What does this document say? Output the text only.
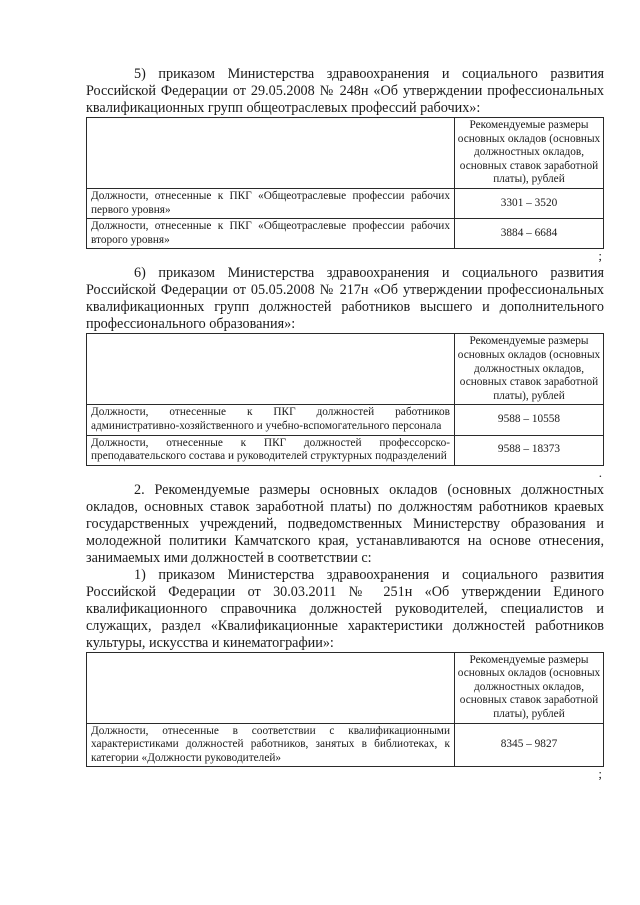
5) приказом Министерства здравоохранения и социального развития Российской Федерации от 29.05.2008 № 248н «Об утверждении профессиональных квалификационных групп общеотраслевых профессий рабочих»:

	Рекомендуемые размеры основных окладов (основных должностных окладов, основных ставок заработной платы), рублей
Должности, отнесенные к ПКГ «Общеотраслевые профессии рабочих первого уровня»	3301 – 3520
Должности, отнесенные к ПКГ «Общеотраслевые профессии рабочих второго уровня»	3884 – 6684
;

6) приказом Министерства здравоохранения и социального развития Российской Федерации от 05.05.2008 № 217н «Об утверждении профессиональных квалификационных групп должностей работников высшего и дополнительного профессионального образования»:

	Рекомендуемые размеры основных окладов (основных должностных окладов, основных ставок заработной платы), рублей
Должности, отнесенные к ПКГ должностей работников административно-хозяйственного и учебно-вспомогательного персонала	9588 – 10558
Должности, отнесенные к ПКГ должностей профессорско-преподавательского состава и руководителей структурных подразделений	9588 – 18373
.

2. Рекомендуемые размеры основных окладов (основных должностных окладов, основных ставок заработной платы) по должностям работников краевых государственных учреждений, подведомственных Министерству образования и молодежной политики Камчатского края, устанавливаются на основе отнесения, занимаемых ими должностей в соответствии с:

1) приказом Министерства здравоохранения и социального развития Российской Федерации от 30.03.2011 № 251н «Об утверждении Единого квалификационного справочника должностей руководителей, специалистов и служащих, раздел «Квалификационные характеристики должностей работников культуры, искусства и кинематографии»:

	Рекомендуемые размеры основных окладов (основных должностных окладов, основных ставок заработной платы), рублей
Должности, отнесенные в соответствии с квалификационными характеристиками должностей работников, занятых в библиотеках, к категории «Должности руководителей»	8345 – 9827
;
